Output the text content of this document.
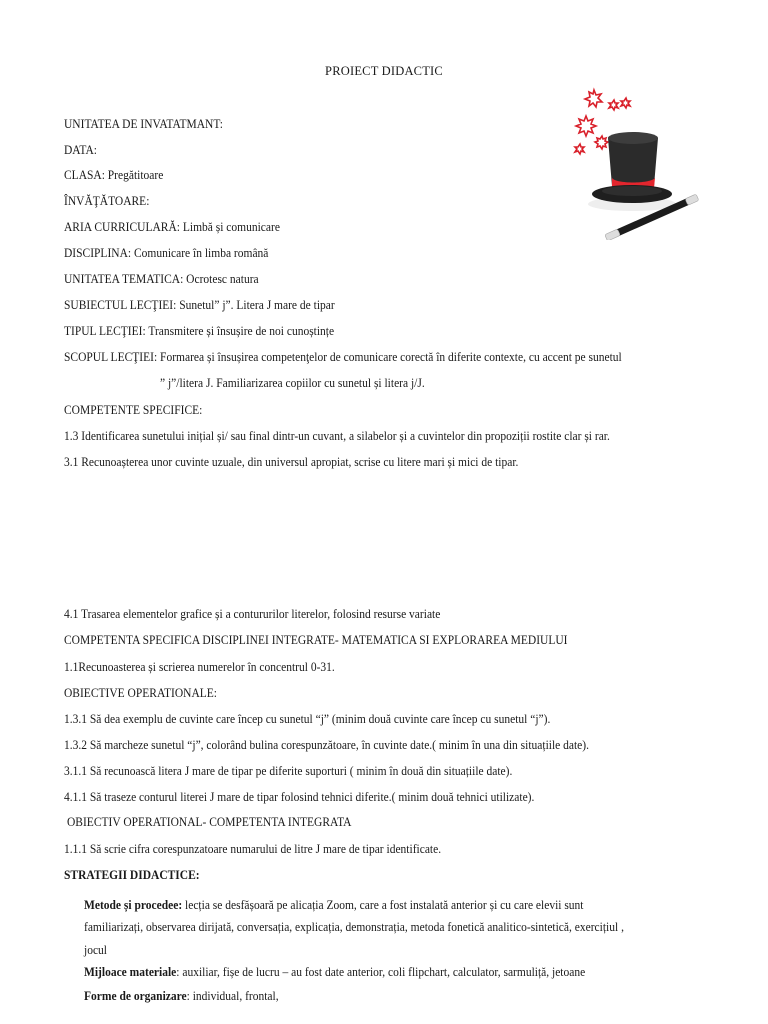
PROIECT DIDACTIC
UNITATEA DE INVATATMANT:
DATA:
CLASA: Pregătitoare
ÎNVĂŢĂTOARE:
ARIA CURRICULARĂ: Limbă și comunicare
DISCIPLINA: Comunicare în limba română
UNITATEA TEMATICA: Ocrotesc natura
SUBIECTUL LECŢIEI: Sunetul” j”. Litera J mare de tipar
TIPUL LECŢIEI: Transmitere și însușire de noi cunoștințe
SCOPUL LECŢIEI: Formarea și însușirea competenţelor de comunicare corectă în diferite contexte, cu accent pe sunetul
” j”/litera J. Familiarizarea copiilor cu sunetul și litera j/J.
COMPETENTE SPECIFICE:
1.3 Identificarea sunetului inițial și/ sau final dintr-un cuvant, a silabelor și a cuvintelor din propoziții rostite clar și rar.
3.1 Recunoașterea unor cuvinte uzuale, din universul apropiat, scrise cu litere mari și mici de tipar.
4.1 Trasarea elementelor grafice și a contururilor literelor, folosind resurse variate
COMPETENTA SPECIFICA DISCIPLINEI INTEGRATE- MATEMATICA SI EXPLORAREA MEDIULUI
1.1Recunoasterea și scrierea numerelor în concentrul 0-31.
OBIECTIVE OPERATIONALE:
1.3.1 Să dea exemplu de cuvinte care încep cu sunetul “j” (minim două cuvinte care încep cu sunetul “j”).
1.3.2 Să marcheze sunetul “j”, colorând bulina corespunzătoare, în cuvinte date.( minim în una din situațiile date).
3.1.1 Să recunoască litera J mare de tipar pe diferite suporturi ( minim în două din situațiile date).
4.1.1 Să traseze conturul literei J mare de tipar folosind tehnici diferite.( minim două tehnici utilizate).
OBIECTIV OPERATIONAL- COMPETENTA INTEGRATA
1.1.1 Să scrie cifra corespunzatoare numarului de litre J mare de tipar identificate.
STRATEGII DIDACTICE:
Metode și procedee: lecția se desfășoară pe alicația Zoom, care a fost instalată anterior și cu care elevii sunt
familiarizați, observarea dirijată, conversația, explicația, demonstrația, metoda fonetică analitico-sintetică, exercițiul ,
jocul
Mijloace materiale: auxiliar, fișe de lucru – au fost date anterior, coli flipchart, calculator, sarmuliță, jetoane
Forme de organizare: individual, frontal,
